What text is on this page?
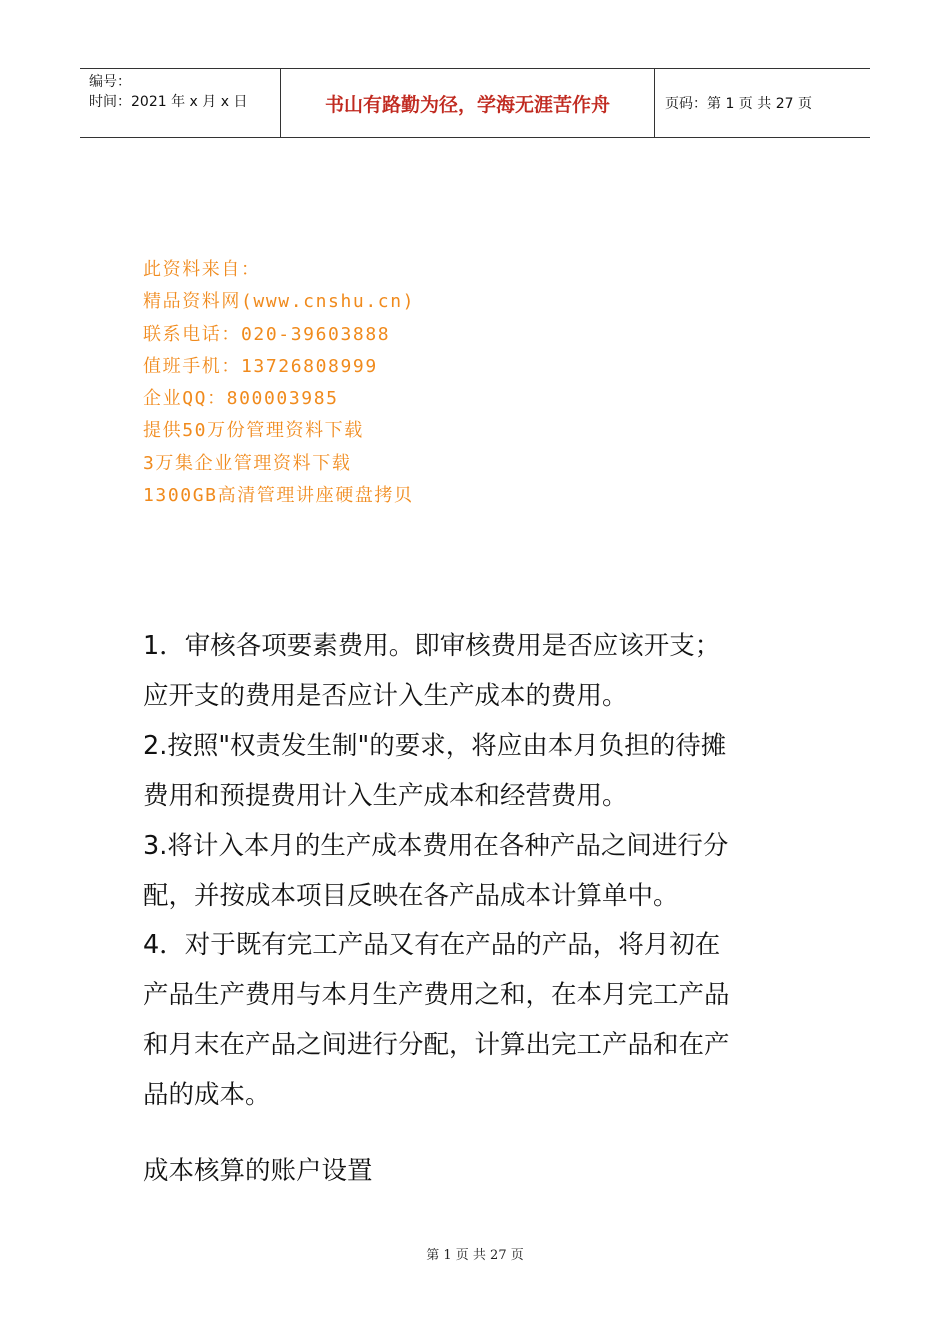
编号：
时间：2021 年 x 月 x 日	书山有路勤为径，学海无涯苦作舟	页码：第 1 页 共 27 页
此资料来自：
精品资料网(www.cnshu.cn)
联系电话：020-39603888
值班手机：13726808999
企业QQ：800003985
提供50万份管理资料下载
3万集企业管理资料下载
1300GB高清管理讲座硬盘拷贝

1．审核各项要素费用。即审核费用是否应该开支；

应开支的费用是否应计入生产成本的费用。

2.按照"权责发生制"的要求，将应由本月负担的待摊

费用和预提费用计入生产成本和经营费用。

3.将计入本月的生产成本费用在各种产品之间进行分

配，并按成本项目反映在各产品成本计算单中。

4．对于既有完工产品又有在产品的产品，将月初在

产品生产费用与本月生产费用之和，在本月完工产品

和月末在产品之间进行分配，计算出完工产品和在产

品的成本。

成本核算的账户设置
第 1 页 共 27 页
